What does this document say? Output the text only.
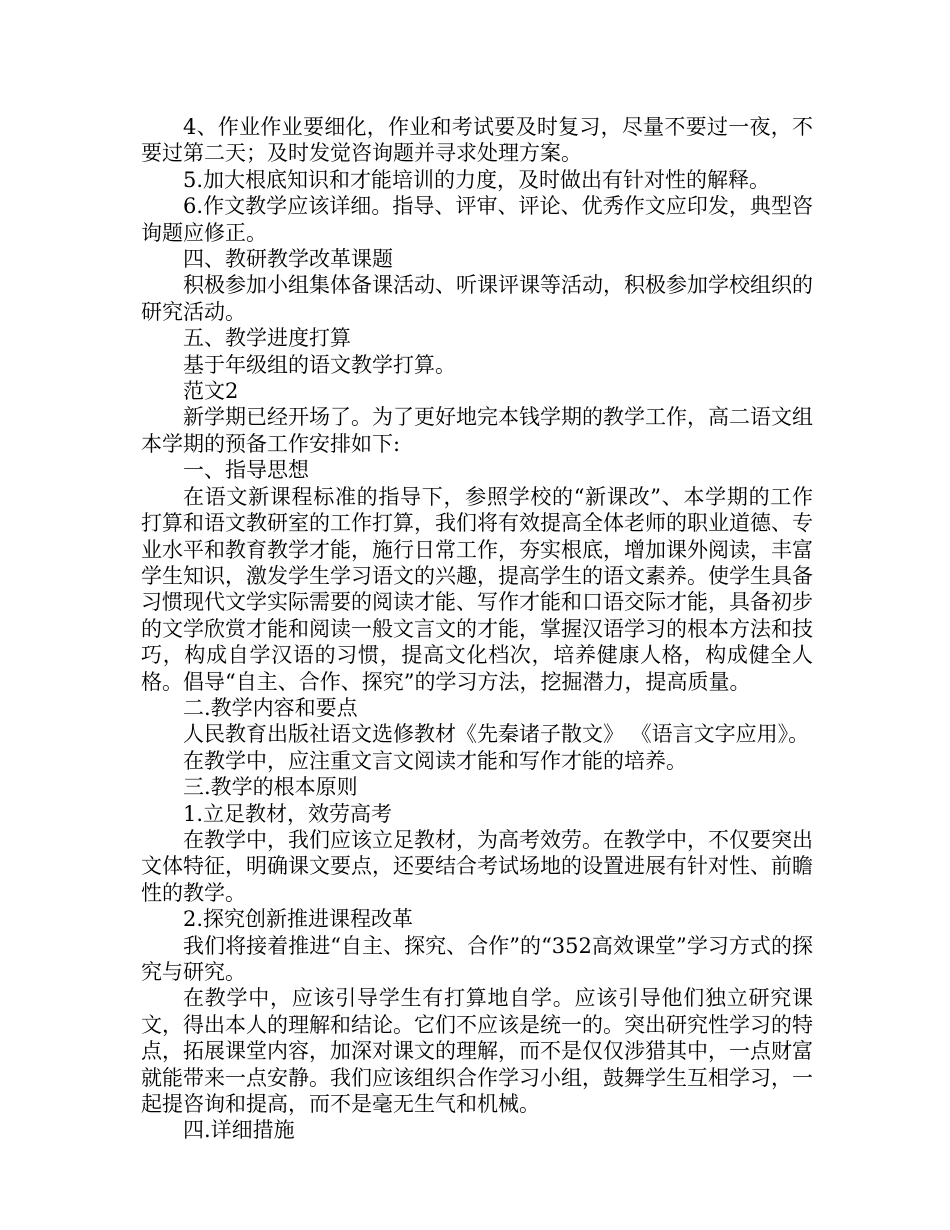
4、作业作业要细化，作业和考试要及时复习，尽量不要过一夜，不要过第二天；及时发觉咨询题并寻求处理方案。

5.加大根底知识和才能培训的力度，及时做出有针对性的解释。

6.作文教学应该详细。指导、评审、评论、优秀作文应印发，典型咨询题应修正。

四、教研教学改革课题

积极参加小组集体备课活动、听课评课等活动，积极参加学校组织的研究活动。

五、教学进度打算

基于年级组的语文教学打算。

范文2

新学期已经开场了。为了更好地完本钱学期的教学工作，高二语文组本学期的预备工作安排如下:

一、指导思想

在语文新课程标准的指导下，参照学校的“新课改”、本学期的工作打算和语文教研室的工作打算，我们将有效提高全体老师的职业道德、专业水平和教育教学才能，施行日常工作，夯实根底，增加课外阅读，丰富学生知识，激发学生学习语文的兴趣，提高学生的语文素养。使学生具备习惯现代文学实际需要的阅读才能、写作才能和口语交际才能，具备初步的文学欣赏才能和阅读一般文言文的才能，掌握汉语学习的根本方法和技巧，构成自学汉语的习惯，提高文化档次，培养健康人格，构成健全人格。倡导“自主、合作、探究”的学习方法，挖掘潜力，提高质量。

二.教学内容和要点

人民教育出版社语文选修教材《先秦诸子散文》 《语言文字应用》。

在教学中，应注重文言文阅读才能和写作才能的培养。

三.教学的根本原则

1.立足教材，效劳高考

在教学中，我们应该立足教材，为高考效劳。在教学中，不仅要突出文体特征，明确课文要点，还要结合考试场地的设置进展有针对性、前瞻性的教学。

2.探究创新推进课程改革

我们将接着推进“自主、探究、合作”的“352高效课堂”学习方式的探究与研究。

在教学中，应该引导学生有打算地自学。应该引导他们独立研究课文，得出本人的理解和结论。它们不应该是统一的。突出研究性学习的特点，拓展课堂内容，加深对课文的理解，而不是仅仅涉猎其中，一点财富就能带来一点安静。我们应该组织合作学习小组，鼓舞学生互相学习，一起提咨询和提高，而不是毫无生气和机械。

四.详细措施
